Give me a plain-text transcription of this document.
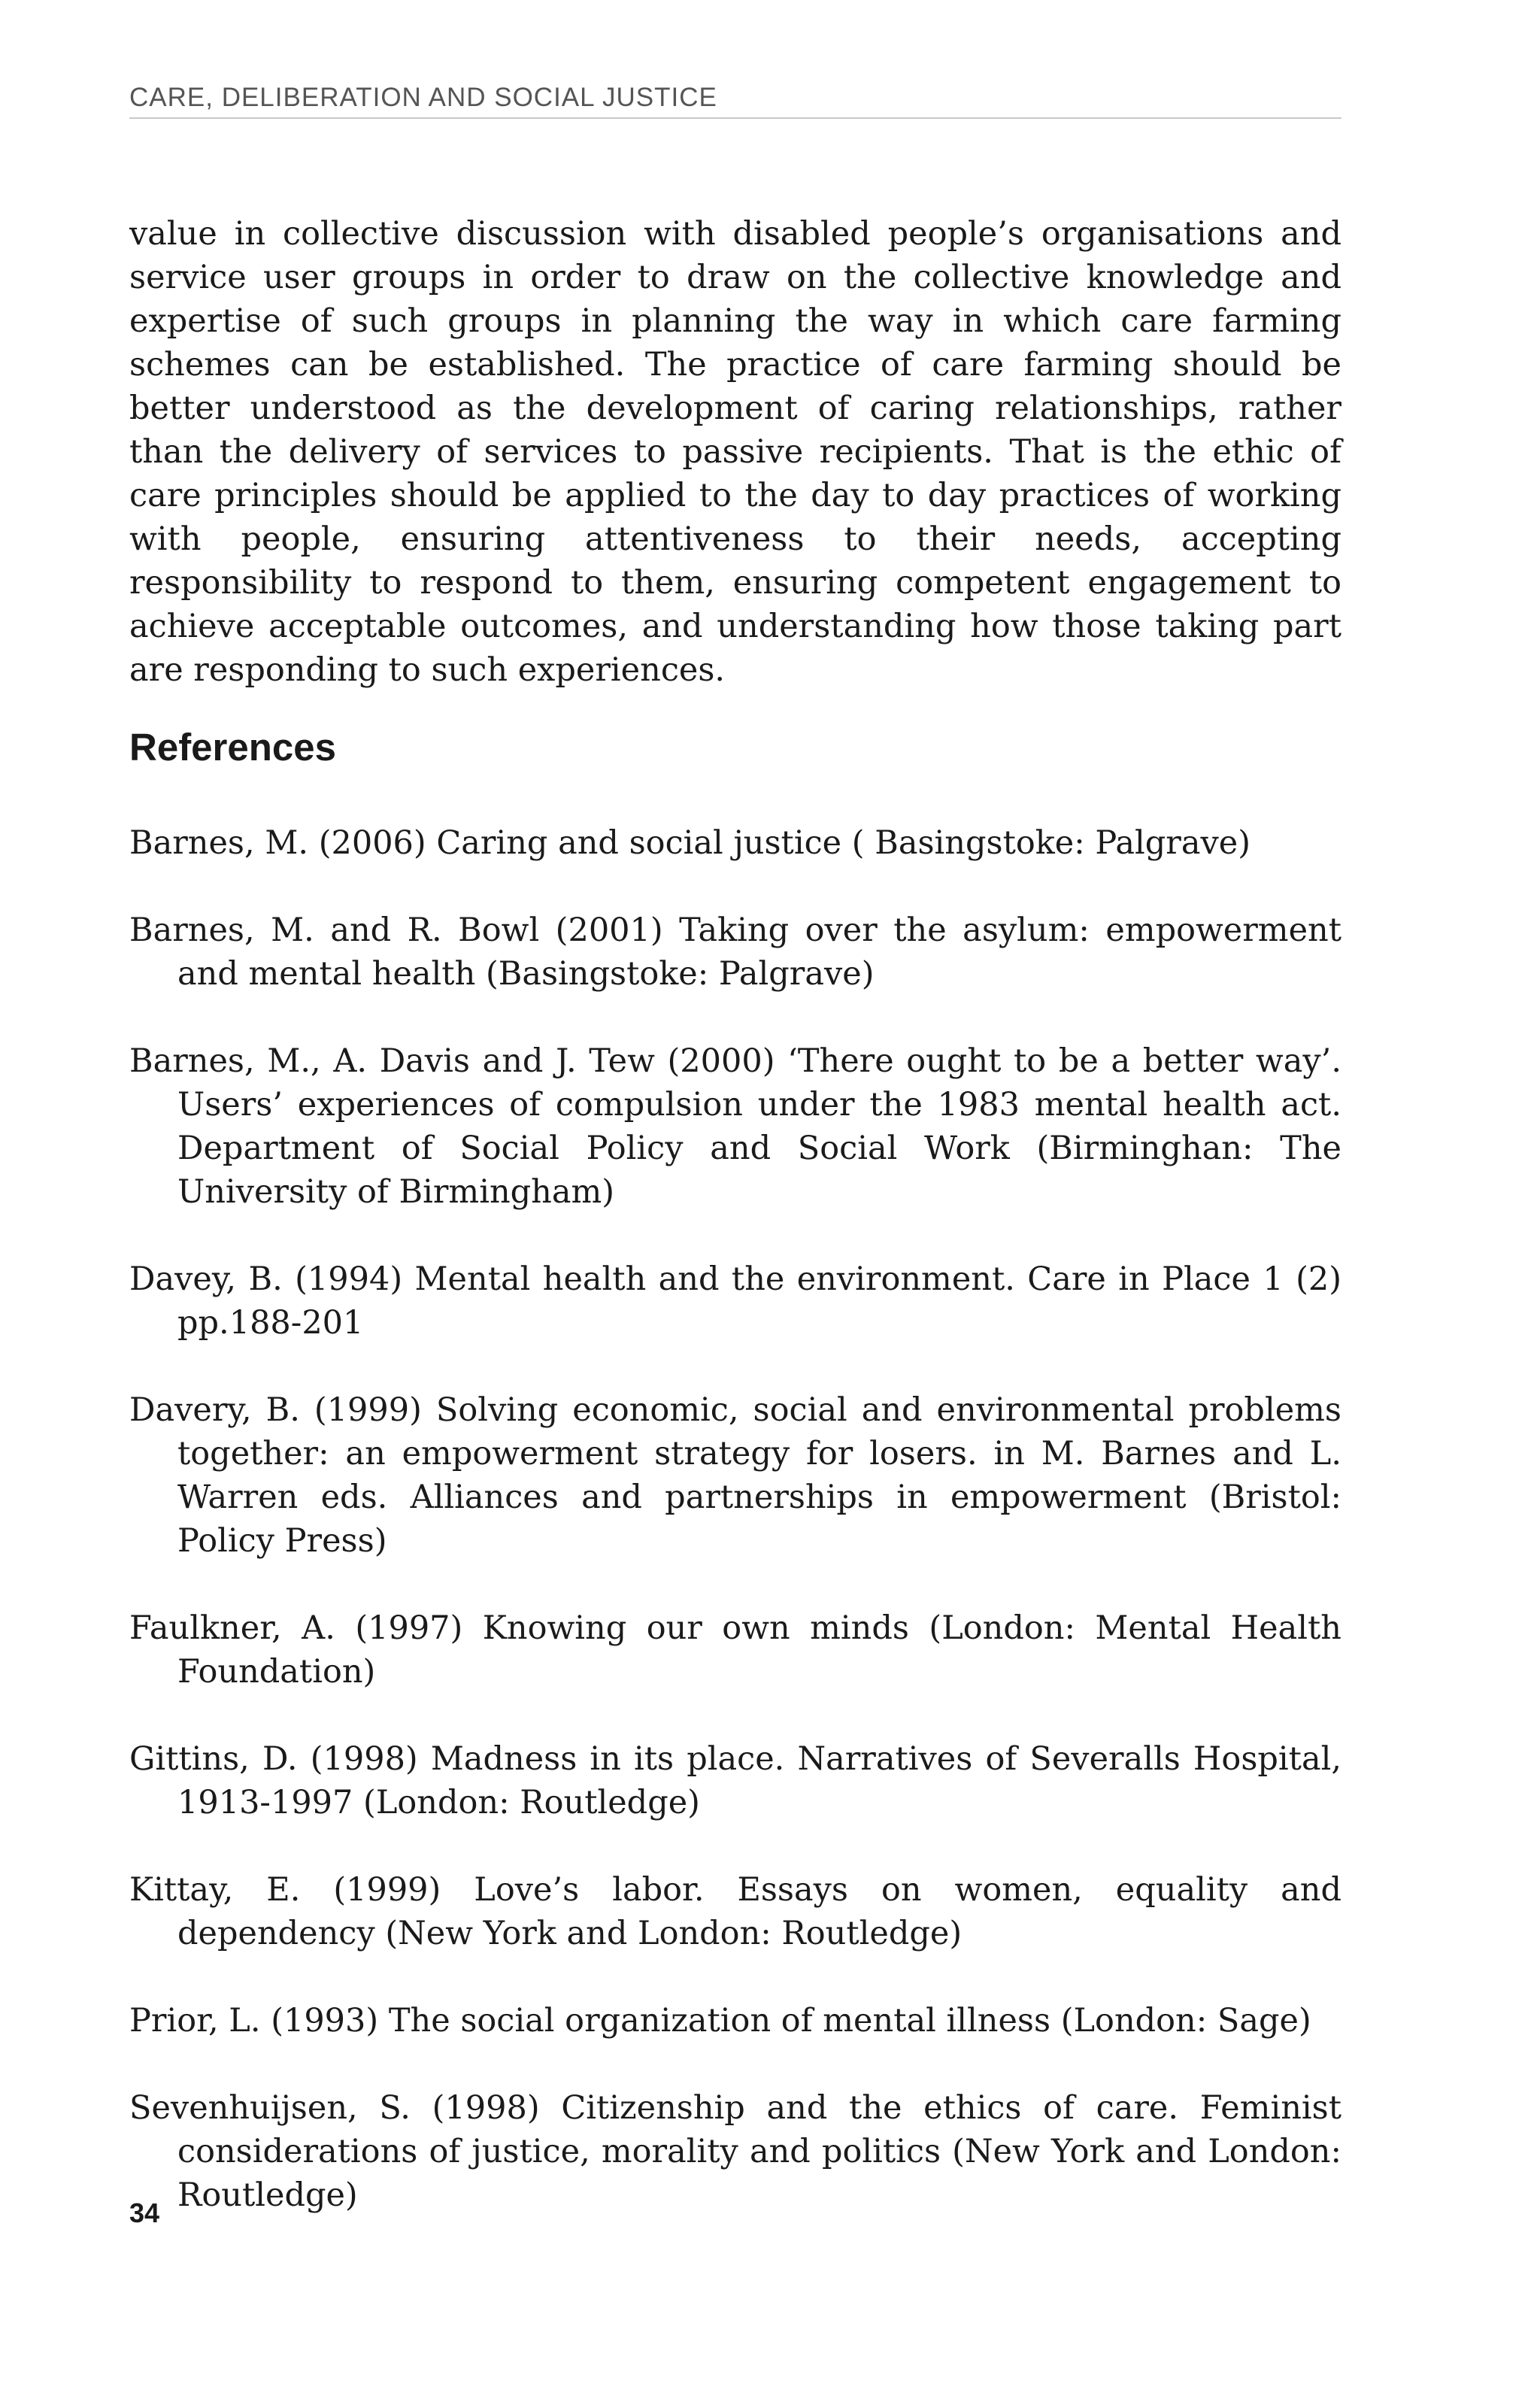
CARE, DELIBERATION AND SOCIAL JUSTICE

value in collective discussion with disabled people’s organisations and service user groups in order to draw on the collective knowledge and expertise of such groups in planning the way in which care farming schemes can be established. The practice of care farming should be better understood as the development of caring relationships, rather than the delivery of services to passive recipients. That is the ethic of care principles should be applied to the day to day practices of working with people, ensuring attentiveness to their needs, accepting responsibility to respond to them, ensuring competent engagement to achieve acceptable outcomes, and understanding how those taking part are responding to such experiences.

References
Barnes, M. (2006) Caring and social justice ( Basingstoke: Palgrave)
Barnes, M. and R. Bowl (2001) Taking over the asylum: empowerment and mental health (Basingstoke: Palgrave)
Barnes, M., A. Davis and J. Tew (2000) ‘There ought to be a better way’. Users’ experiences of compulsion under the 1983 mental health act. Department of Social Policy and Social Work (Birminghan: The University of Birmingham)
Davey, B. (1994) Mental health and the environment. Care in Place 1 (2) pp.188-201
Davery, B. (1999) Solving economic, social and environmental problems together: an empowerment strategy for losers. in M. Barnes and L. Warren eds. Alliances and partnerships in empowerment (Bristol: Policy Press)
Faulkner, A. (1997) Knowing our own minds (London: Mental Health Foundation)
Gittins, D. (1998) Madness in its place. Narratives of Severalls Hospital, 1913-1997 (London: Routledge)
Kittay, E. (1999) Love’s labor. Essays on women, equality and dependency (New York and London: Routledge)
Prior, L. (1993) The social organization of mental illness (London: Sage)
Sevenhuijsen, S. (1998) Citizenship and the ethics of care. Feminist considerations of justice, morality and politics (New York and London: Routledge)
34
